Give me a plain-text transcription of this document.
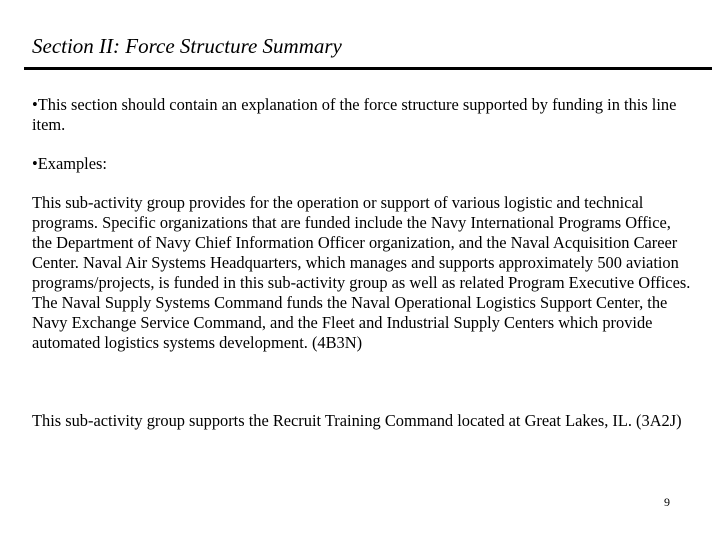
Section II: Force Structure Summary
•This section should contain an explanation of the force structure supported by funding in this line item.
•Examples:
This sub-activity group provides for the operation or support of various logistic and technical programs. Specific organizations that are funded include the Navy International Programs Office, the Department of Navy Chief Information Officer organization, and the Naval Acquisition Career Center. Naval Air Systems Headquarters, which manages and supports approximately 500 aviation programs/projects, is funded in this sub-activity group as well as related Program Executive Offices. The Naval Supply Systems Command funds the Naval Operational Logistics Support Center, the Navy Exchange Service Command, and the Fleet and Industrial Supply Centers which provide automated logistics systems development. (4B3N)
This sub-activity group supports the Recruit Training Command located at Great Lakes, IL. (3A2J)
9
